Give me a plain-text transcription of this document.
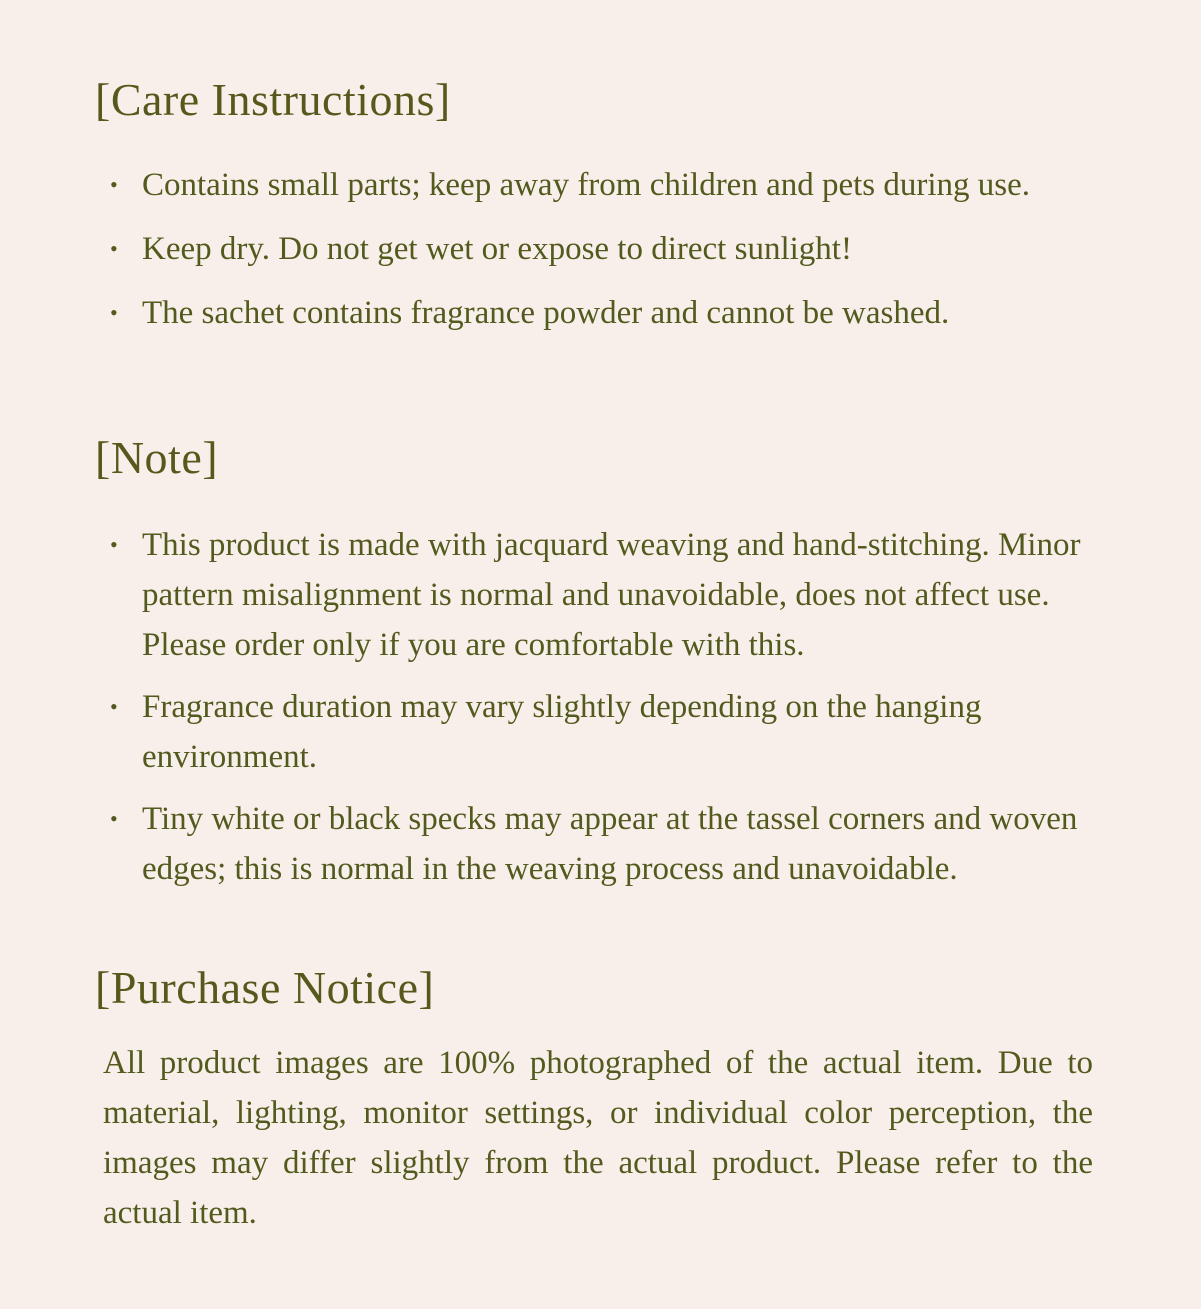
[Care Instructions]
• Contains small parts; keep away from children and pets during use.
• Keep dry. Do not get wet or expose to direct sunlight!
• The sachet contains fragrance powder and cannot be washed.
[Note]
• This product is made with jacquard weaving and hand-stitching. Minor pattern misalignment is normal and unavoidable, does not affect use. Please order only if you are comfortable with this.
• Fragrance duration may vary slightly depending on the hanging environment.
• Tiny white or black specks may appear at the tassel corners and woven edges; this is normal in the weaving process and unavoidable.
[Purchase Notice]

All product images are 100% photographed of the actual item. Due to material, lighting, monitor settings, or individual color perception, the images may differ slightly from the actual product. Please refer to the actual item.
